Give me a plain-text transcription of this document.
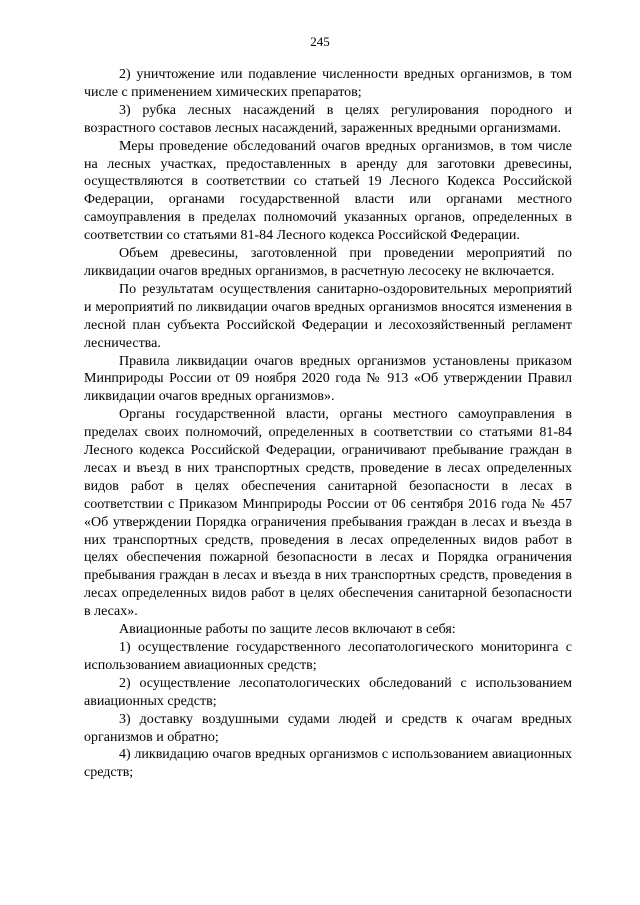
245

2) уничтожение или подавление численности вредных организмов, в том числе с применением химических препаратов;

3) рубка лесных насаждений в целях регулирования породного и возрастного составов лесных насаждений, зараженных вредными организмами.

Меры проведение обследований очагов вредных организмов, в том числе на лесных участках, предоставленных в аренду для заготовки древесины, осуществляются в соответствии со статьей 19 Лесного Кодекса Российской Федерации, органами государственной власти или органами местного самоуправления в пределах полномочий указанных органов, определенных в соответствии со статьями 81-84 Лесного кодекса Российской Федерации.

Объем древесины, заготовленной при проведении мероприятий по ликвидации очагов вредных организмов, в расчетную лесосеку не включается.

По результатам осуществления санитарно-оздоровительных мероприятий и мероприятий по ликвидации очагов вредных организмов вносятся изменения в лесной план субъекта Российской Федерации и лесохозяйственный регламент лесничества.

Правила ликвидации очагов вредных организмов установлены приказом Минприроды России от 09 ноября 2020 года № 913 «Об утверждении Правил ликвидации очагов вредных организмов».

Органы государственной власти, органы местного самоуправления в пределах своих полномочий, определенных в соответствии со статьями 81-84 Лесного кодекса Российской Федерации, ограничивают пребывание граждан в лесах и въезд в них транспортных средств, проведение в лесах определенных видов работ в целях обеспечения санитарной безопасности в лесах в соответствии с Приказом Минприроды России от 06 сентября 2016 года № 457 «Об утверждении Порядка ограничения пребывания граждан в лесах и въезда в них транспортных средств, проведения в лесах определенных видов работ в целях обеспечения пожарной безопасности в лесах и Порядка ограничения пребывания граждан в лесах и въезда в них транспортных средств, проведения в лесах определенных видов работ в целях обеспечения санитарной безопасности в лесах».

Авиационные работы по защите лесов включают в себя:

1) осуществление государственного лесопатологического мониторинга с использованием авиационных средств;

2) осуществление лесопатологических обследований с использованием авиационных средств;

3) доставку воздушными судами людей и средств к очагам вредных организмов и обратно;

4) ликвидацию очагов вредных организмов с использованием авиационных средств;
